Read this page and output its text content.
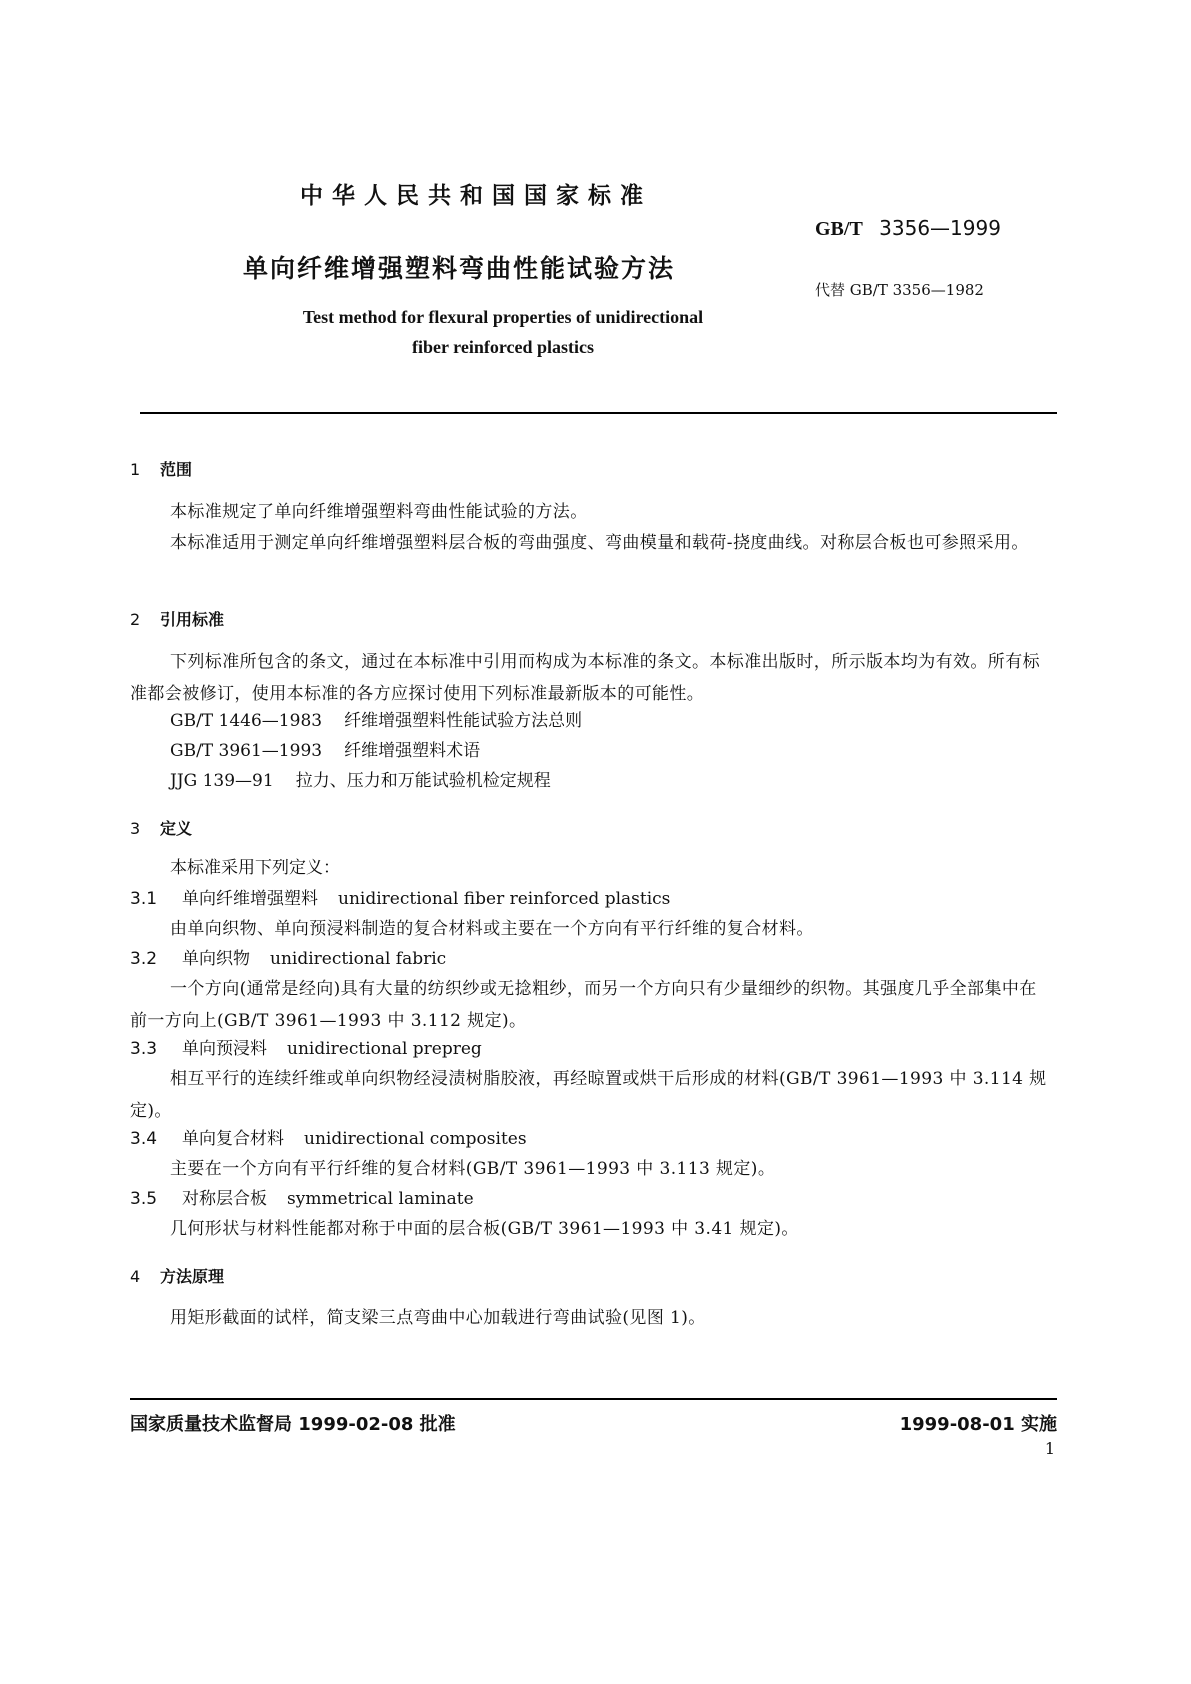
中华人民共和国国家标准
GB/T 3356—1999
单向纤维增强塑料弯曲性能试验方法
代替 GB/T 3356—1982
Test method for flexural properties of unidirectional
fiber reinforced plastics
1 范围
本标准规定了单向纤维增强塑料弯曲性能试验的方法。
本标准适用于测定单向纤维增强塑料层合板的弯曲强度、弯曲模量和载荷-挠度曲线。对称层合板也可参照采用。
2 引用标准
下列标准所包含的条文，通过在本标准中引用而构成为本标准的条文。本标准出版时，所示版本均为有效。所有标准都会被修订，使用本标准的各方应探讨使用下列标准最新版本的可能性。
GB/T 1446—1983 纤维增强塑料性能试验方法总则
GB/T 3961—1993 纤维增强塑料术语
JJG 139—91 拉力、压力和万能试验机检定规程
3 定义
本标准采用下列定义：
3.1 单向纤维增强塑料 unidirectional fiber reinforced plastics
由单向织物、单向预浸料制造的复合材料或主要在一个方向有平行纤维的复合材料。
3.2 单向织物 unidirectional fabric
一个方向(通常是经向)具有大量的纺织纱或无捻粗纱，而另一个方向只有少量细纱的织物。其强度几乎全部集中在前一方向上(GB/T 3961—1993 中 3.112 规定)。
3.3 单向预浸料 unidirectional prepreg
相互平行的连续纤维或单向织物经浸渍树脂胶液，再经晾置或烘干后形成的材料(GB/T 3961—1993 中 3.114 规定)。
3.4 单向复合材料 unidirectional composites
主要在一个方向有平行纤维的复合材料(GB/T 3961—1993 中 3.113 规定)。
3.5 对称层合板 symmetrical laminate
几何形状与材料性能都对称于中面的层合板(GB/T 3961—1993 中 3.41 规定)。
4 方法原理
用矩形截面的试样，简支梁三点弯曲中心加载进行弯曲试验(见图 1)。
国家质量技术监督局 1999-02-08 批准	1999-08-01 实施
1
